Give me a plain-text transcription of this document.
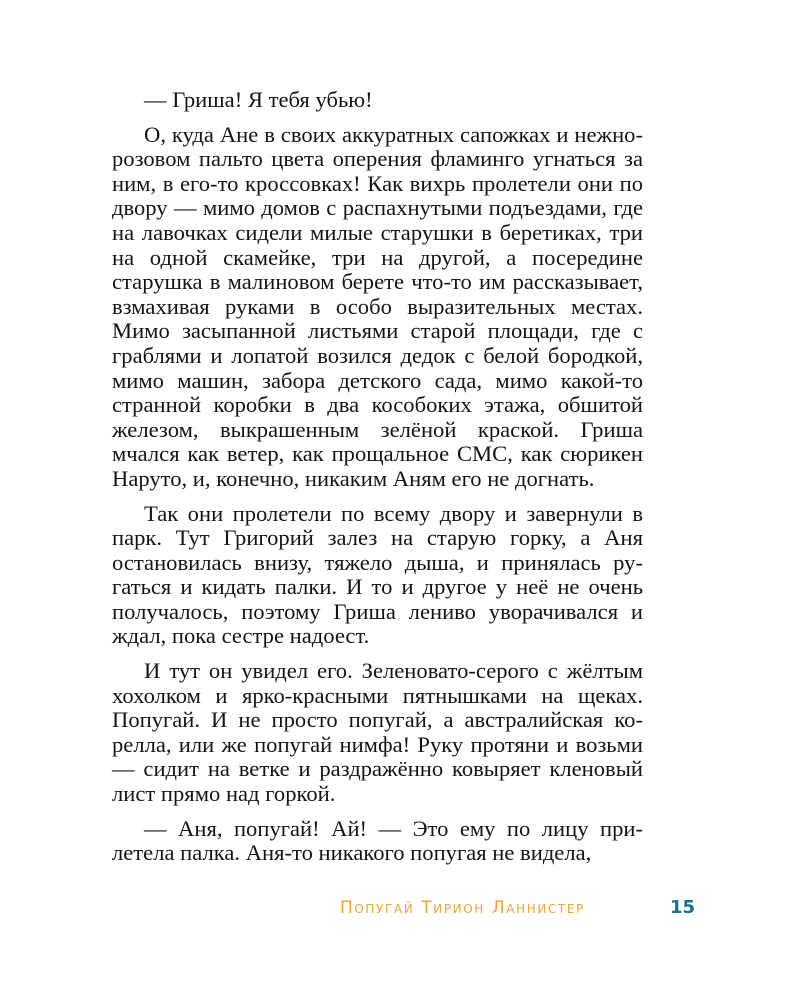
— Гриша! Я тебя убью!

О, куда Ане в своих аккуратных сапожках и нежно-розовом пальто цвета оперения фламинго угнаться за ним, в его-то кроссовках! Как вихрь пролетели они по двору — мимо домов с распахнутыми подъездами, где на лавочках сидели милые старушки в беретиках, три на одной скамейке, три на другой, а посередине старушка в малиновом берете что-то им рассказывает, взмахивая руками в особо выразительных местах. Мимо засыпанной листьями старой площади, где с граблями и лопатой возился дедок с белой бородкой, мимо машин, забора детского сада, мимо какой-то странной коробки в два кособоких этажа, обшитой железом, выкрашенным зелёной краской. Гриша мчался как ветер, как прощальное СМС, как сюрикен Наруто, и, конечно, никаким Аням его не догнать.

Так они пролетели по всему двору и завернули в парк. Тут Григорий залез на старую горку, а Аня остановилась внизу, тяжело дыша, и принялась ругаться и кидать палки. И то и другое у неё не очень получалось, поэтому Гриша лениво уворачивался и ждал, пока сестре надоест.

И тут он увидел его. Зеленовато-серого с жёлтым хохолком и ярко-красными пятнышками на щеках. Попугай. И не просто попугай, а австралийская корелла, или же попугай нимфа! Руку протяни и возьми — сидит на ветке и раздражённо ковыряет кленовый лист прямо над горкой.

— Аня, попугай! Ай! — Это ему по лицу прилетела палка. Аня-то никакого попугая не видела,

Попугай Тирион Ланнистер	15
